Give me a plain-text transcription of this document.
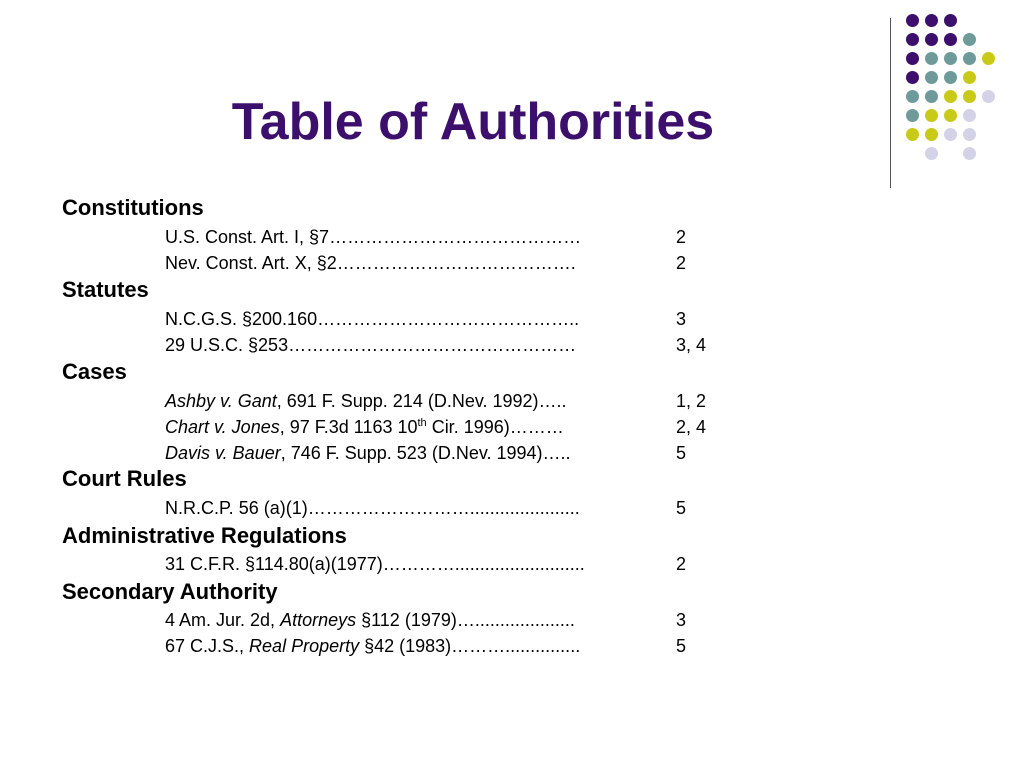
Table of Authorities
Constitutions
U.S. Const. Art. I, §7……………………………………	2
Nev. Const. Art. X, §2………………………………….	2
Statutes
N.C.G.S. §200.160……………………………………..	3
29 U.S.C. §253…………………………………………	3, 4
Cases
Ashby v. Gant, 691 F. Supp. 214 (D.Nev. 1992)…..	1, 2
Chart v. Jones, 97 F.3d 1163 10th Cir. 1996)………	2, 4
Davis v. Bauer, 746 F. Supp. 523 (D.Nev. 1994)…..	5
Court Rules
N.R.C.P. 56 (a)(1)………………………......................	5
Administrative Regulations
31 C.F.R. §114.80(a)(1977)…………..........................	2
Secondary Authority
4 Am. Jur. 2d, Attorneys §112 (1979)…....................	3
67 C.J.S., Real Property §42 (1983)………...............	5
